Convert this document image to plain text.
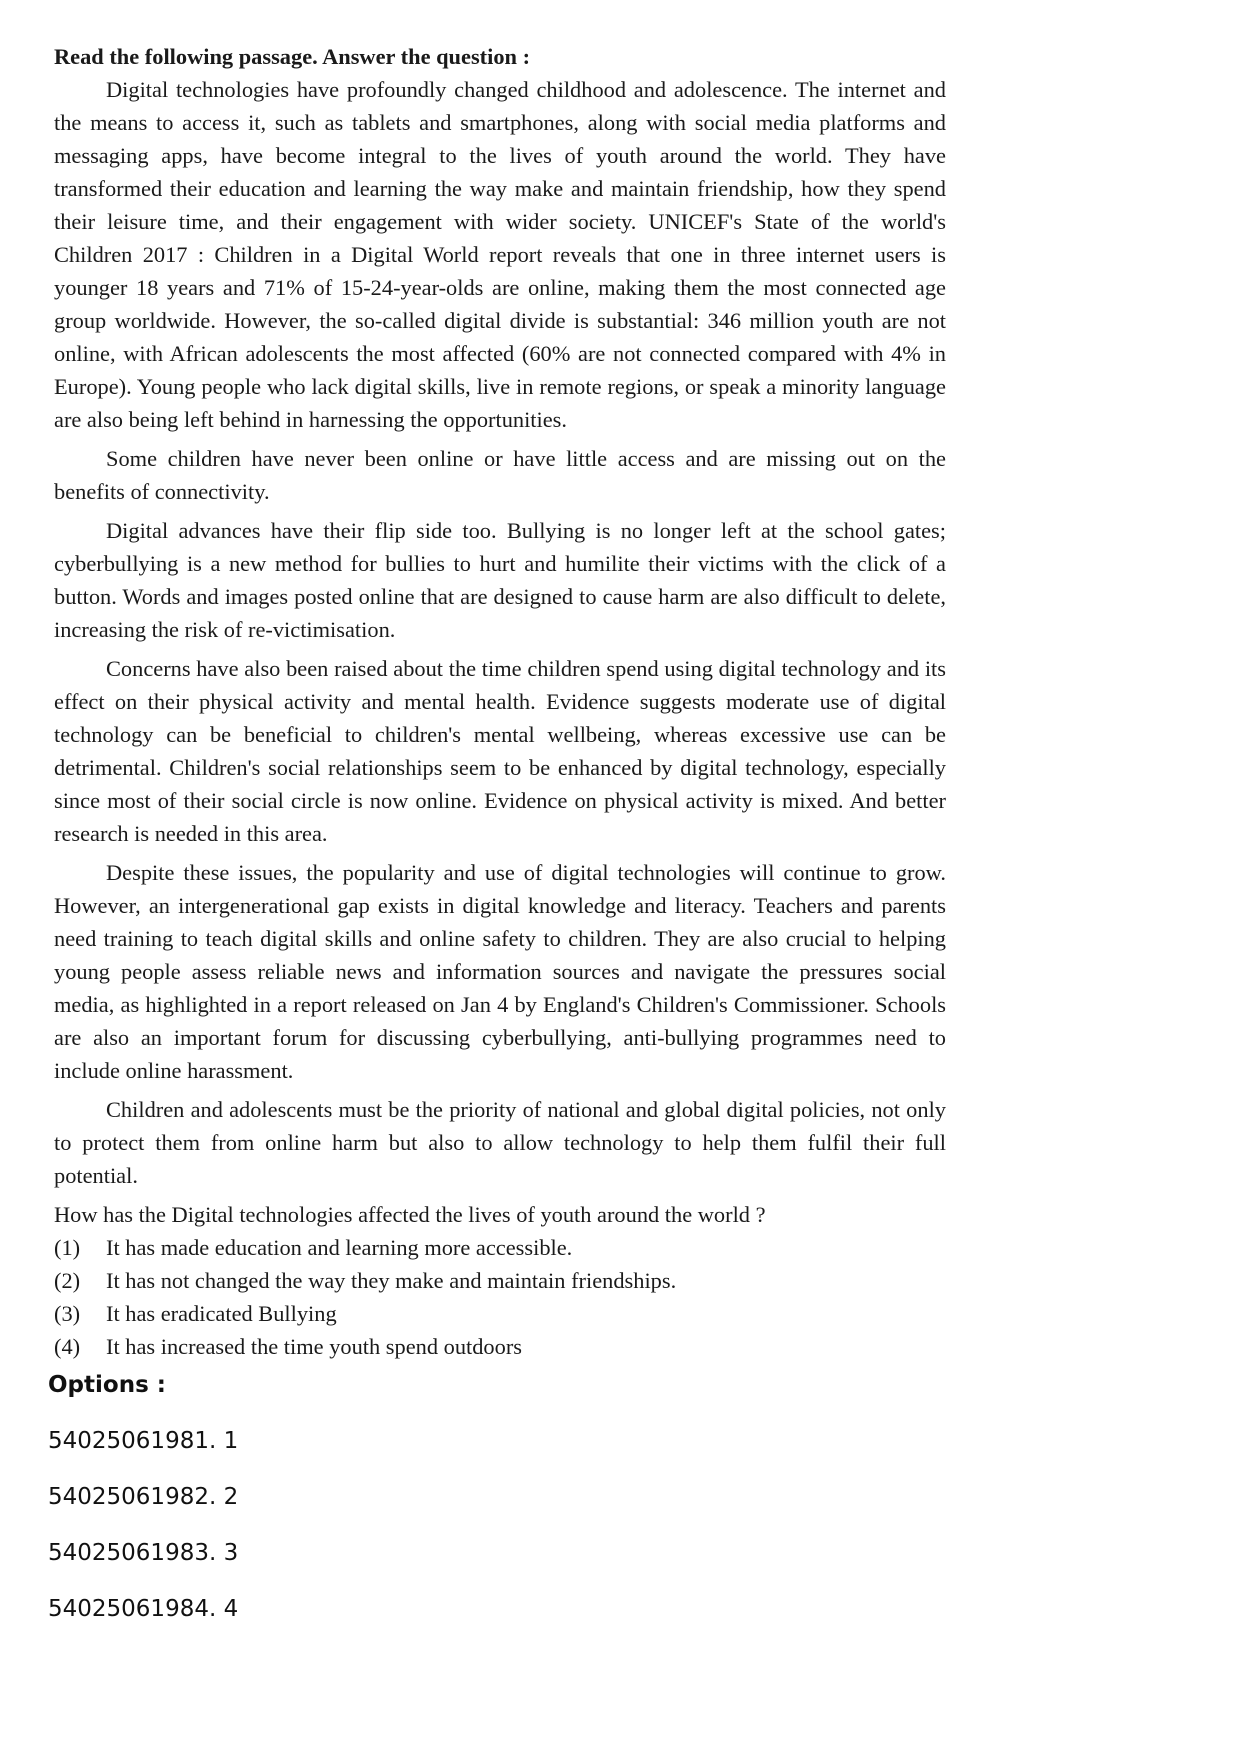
Read the following passage. Answer the question :

Digital technologies have profoundly changed childhood and adolescence. The internet and the means to access it, such as tablets and smartphones, along with social media platforms and messaging apps, have become integral to the lives of youth around the world. They have transformed their education and learning the way make and maintain friendship, how they spend their leisure time, and their engagement with wider society. UNICEF's State of the world's Children 2017 : Children in a Digital World report reveals that one in three internet users is younger 18 years and 71% of 15-24-year-olds are online, making them the most connected age group worldwide. However, the so-called digital divide is substantial: 346 million youth are not online, with African adolescents the most affected (60% are not connected compared with 4% in Europe). Young people who lack digital skills, live in remote regions, or speak a minority language are also being left behind in harnessing the opportunities.

Some children have never been online or have little access and are missing out on the benefits of connectivity.

Digital advances have their flip side too. Bullying is no longer left at the school gates; cyberbullying is a new method for bullies to hurt and humilite their victims with the click of a button. Words and images posted online that are designed to cause harm are also difficult to delete, increasing the risk of re-victimisation.

Concerns have also been raised about the time children spend using digital technology and its effect on their physical activity and mental health. Evidence suggests moderate use of digital technology can be beneficial to children's mental wellbeing, whereas excessive use can be detrimental. Children's social relationships seem to be enhanced by digital technology, especially since most of their social circle is now online. Evidence on physical activity is mixed. And better research is needed in this area.

Despite these issues, the popularity and use of digital technologies will continue to grow. However, an intergenerational gap exists in digital knowledge and literacy. Teachers and parents need training to teach digital skills and online safety to children. They are also crucial to helping young people assess reliable news and information sources and navigate the pressures social media, as highlighted in a report released on Jan 4 by England's Children's Commissioner. Schools are also an important forum for discussing cyberbullying, anti-bullying programmes need to include online harassment.

Children and adolescents must be the priority of national and global digital policies, not only to protect them from online harm but also to allow technology to help them fulfil their full potential.

How has the Digital technologies affected the lives of youth around the world ?

(1)	It has made education and learning more accessible.
(2)	It has not changed the way they make and maintain friendships.
(3)	It has eradicated Bullying
(4)	It has increased the time youth spend outdoors
Options :
54025061981. 1
54025061982. 2
54025061983. 3
54025061984. 4
